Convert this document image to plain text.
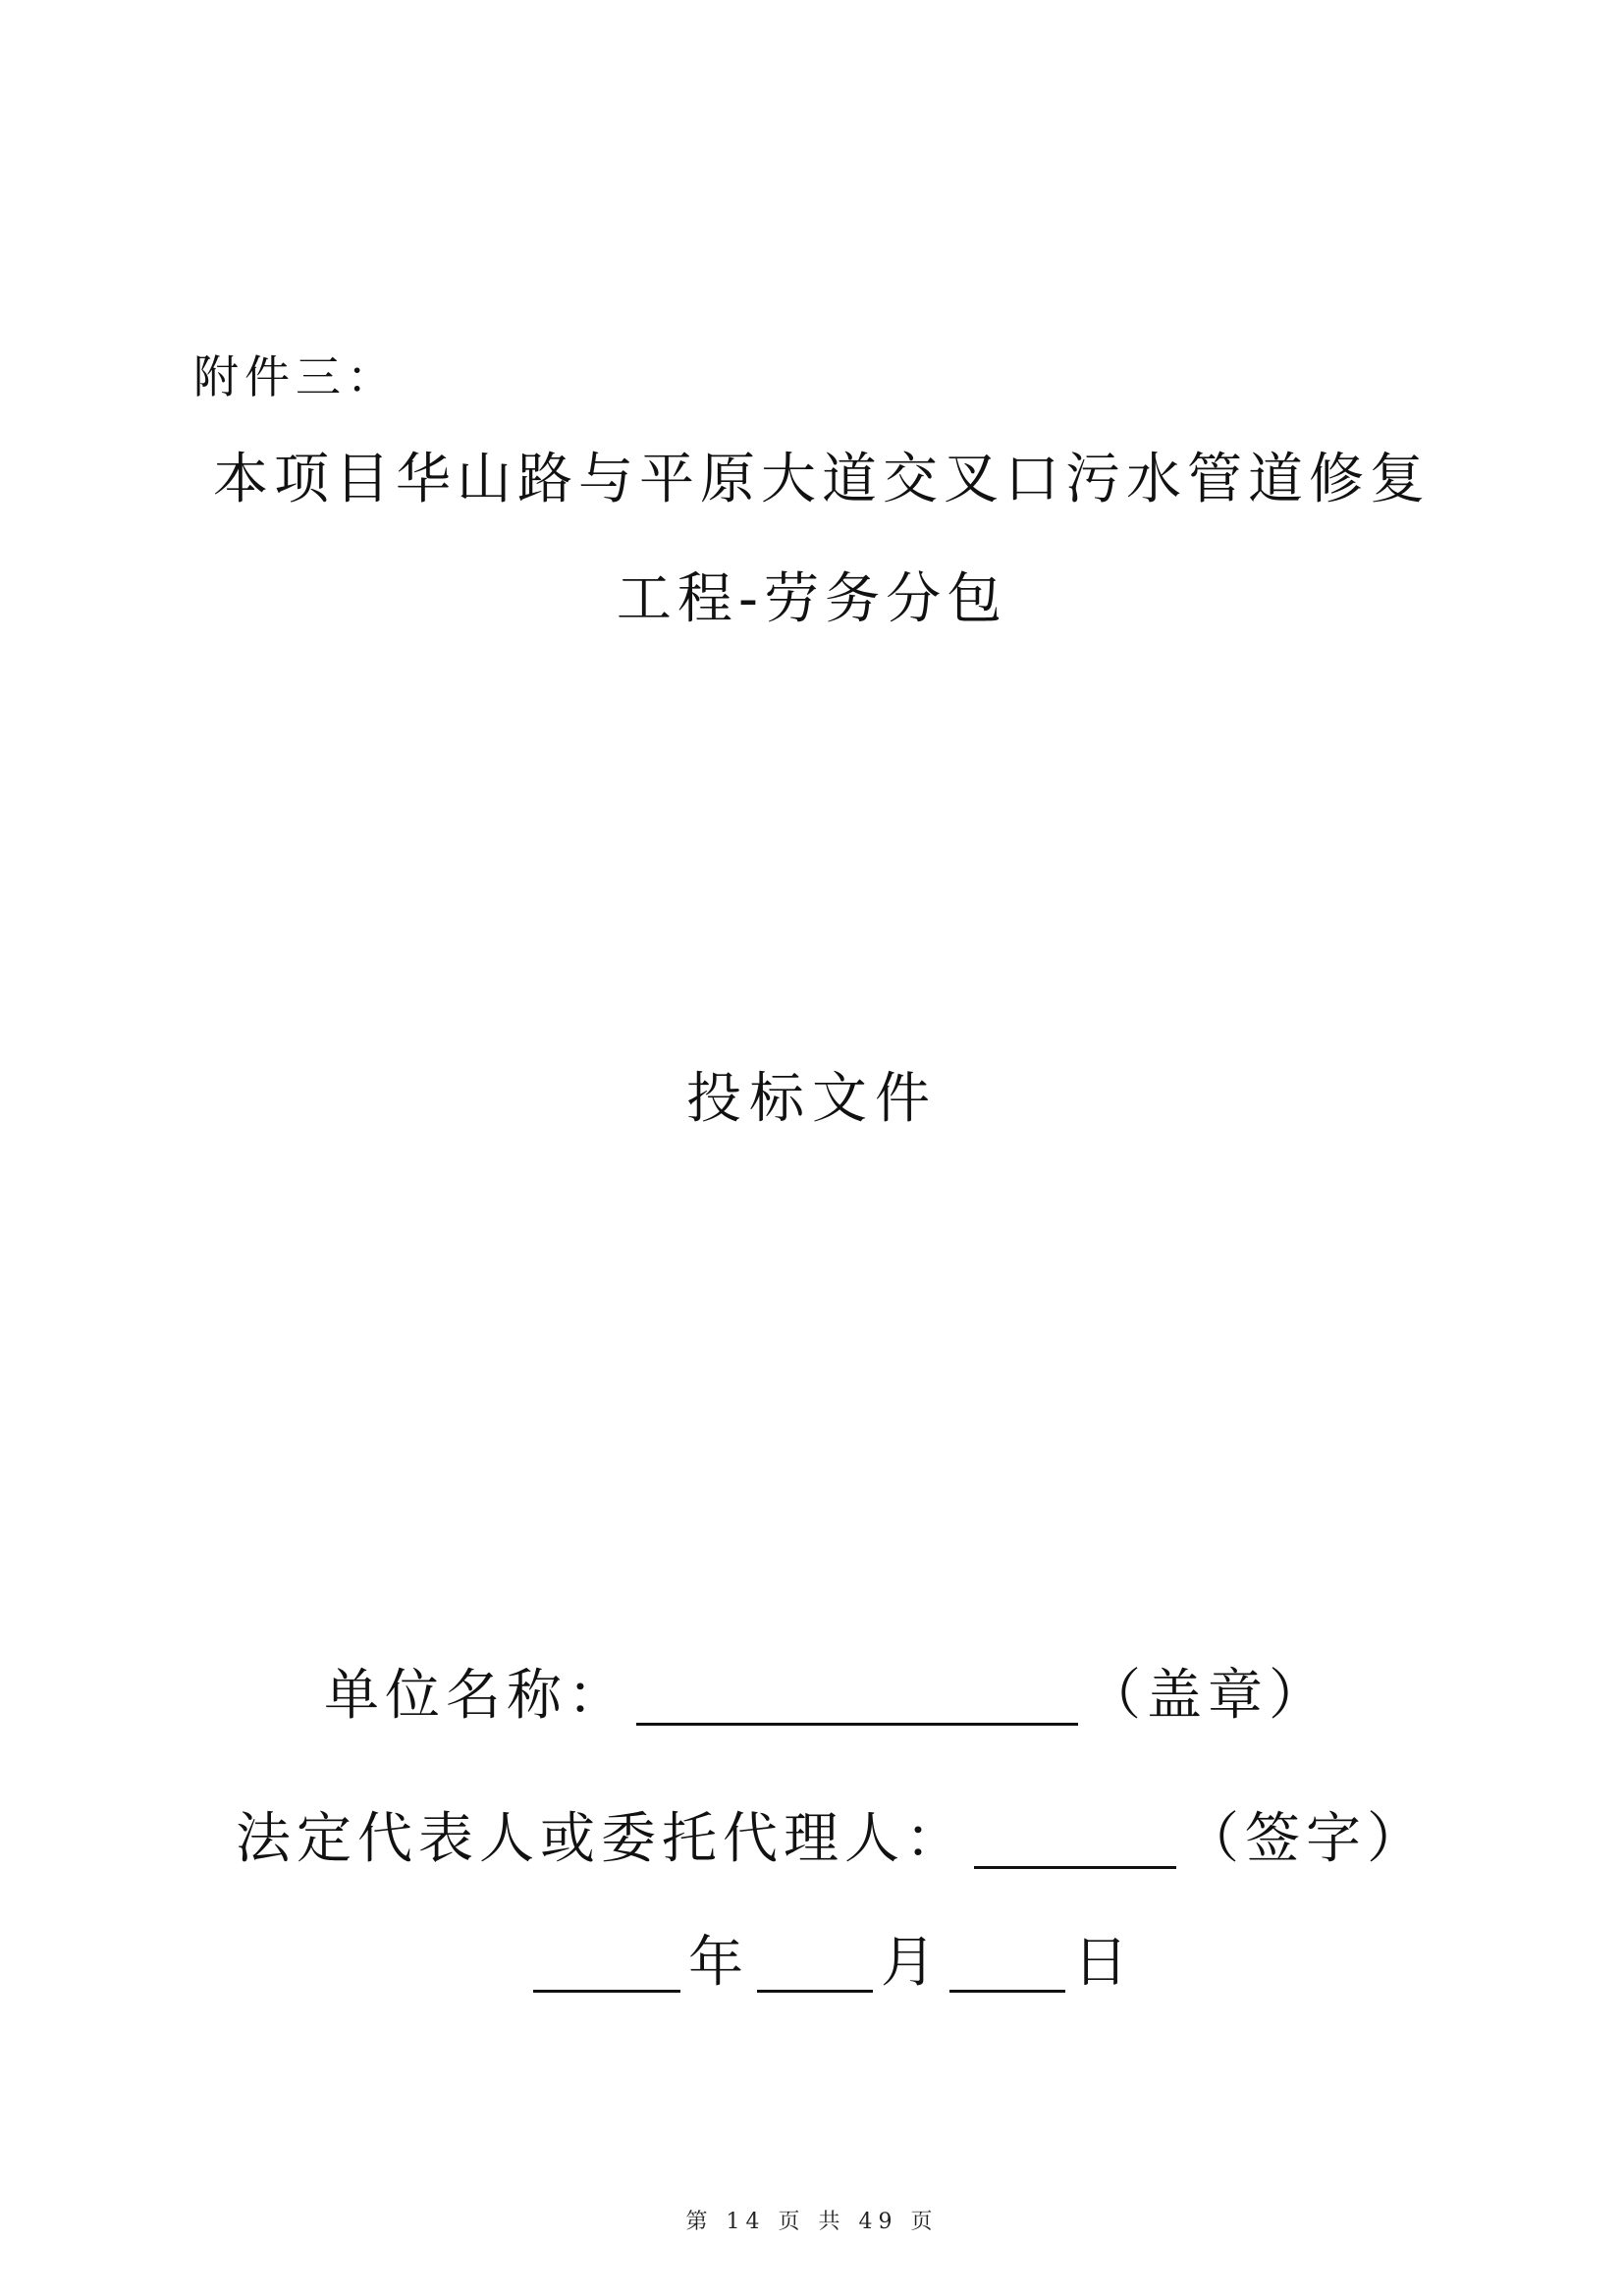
附件三：
本项目华山路与平原大道交叉口污水管道修复
工程-劳务分包
投标文件
单位名称：	（盖章）
法定代表人或委托代理人：	（签字）
年 月 日
第 14 页 共 49 页
